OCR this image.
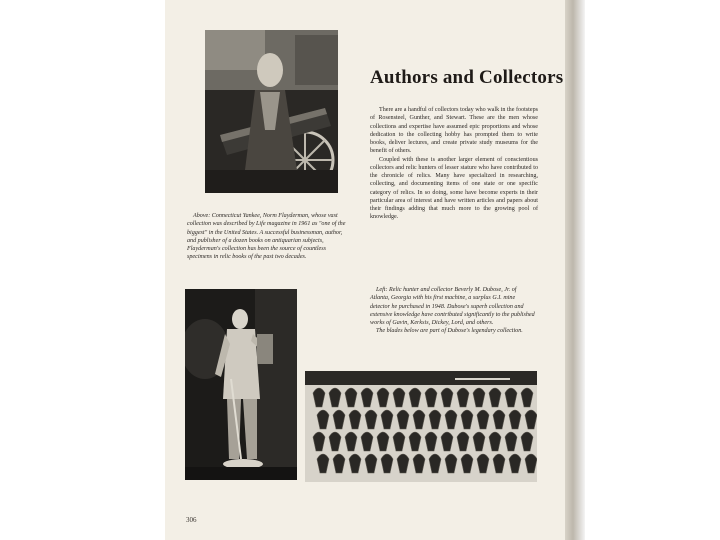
Authors and Collectors

There are a handful of collectors today who walk in the footsteps of Rosensteel, Gunther, and Stewart. These are the men whose collections and expertise have assumed epic proportions and whose dedication to the collecting hobby has prompted them to write books, deliver lectures, and create private study museums for the benefit of others.

Coupled with these is another larger element of conscientious collectors and relic hunters of lesser stature who have contributed to the chronicle of relics. Many have specialized in researching, collecting, and documenting items of one state or one specific category of relics. In so doing, some have become experts in their particular area of interest and have written articles and papers about their findings adding that much more to the growing pool of knowledge.

Above: Connecticut Yankee, Norm Flayderman, whose vast collection was described by Life magazine in 1961 as "one of the biggest" in the United States. A successful businessman, author, and publisher of a dozen books on antiquarian subjects, Flayderman's collection has been the source of countless specimens in relic books of the past two decades.

Left: Relic hunter and collector Beverly M. Dubose, Jr. of Atlanta, Georgia with his first machine, a surplus G.I. mine detector he purchased in 1948. Dubose's superb collection and extensive knowledge have contributed significantly to the published works of Gavin, Kerksis, Dickey, Lord, and others.

The blades below are part of Dubose's legendary collection.

306
